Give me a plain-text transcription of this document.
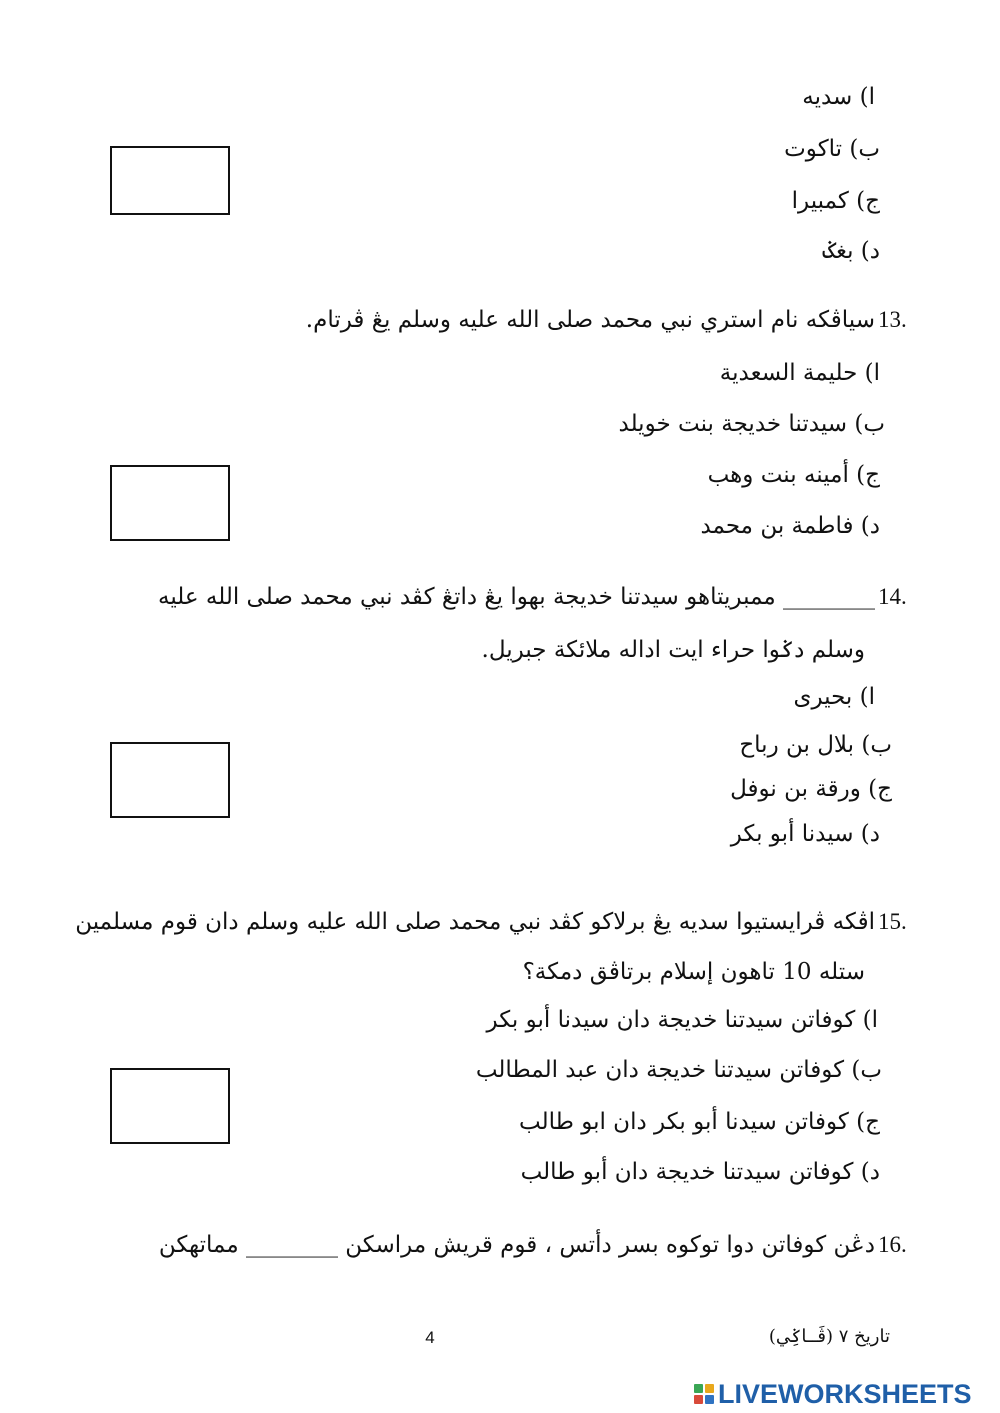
ا) سديه
ب) تاکوت
ج) کمبيرا
د) بغݢ
13.
سياڤکه نام استري نبي محمد صلى الله عليه وسلم يڠ ڤرتام.
ا) حليمة السعدية
ب) سيدتنا خديجة بنت خويلد
ج) أمينه بنت وهب
د) فاطمة بن محمد
14.
________ ممبريتاهو سيدتنا خديجة بهوا يڠ داتڠ کڤد نبي محمد صلى الله عليه
وسلم دݢوا حراء ايت اداله ملائکة جبريل.
ا) بحيرى
ب) بلال بن رباح
ج) ورقة بن نوفل
د) سيدنا أبو بکر
15.
اڤکه ڤرايستيوا سديه يڠ برلاکو کڤد نبي محمد صلى الله عليه وسلم دان قوم مسلمين
ستله 10 تاهون إسلام برتاڤق دمکة؟
ا) کوفاتن سيدتنا خديجة دان سيدنا أبو بکر
ب) کوفاتن سيدتنا خديجة دان عبد المطالب
ج) کوفاتن سيدنا أبو بکر دان ابو طالب
د) کوفاتن سيدتنا خديجة دان أبو طالب
16.
دڠن کوفاتن دوا توکوه بسر دأتس ، قوم قريش مراسکن ________ مماتهکن
4	تاريخ ٧ (ڤَــاݢِي)
LIVEWORKSHEETS
